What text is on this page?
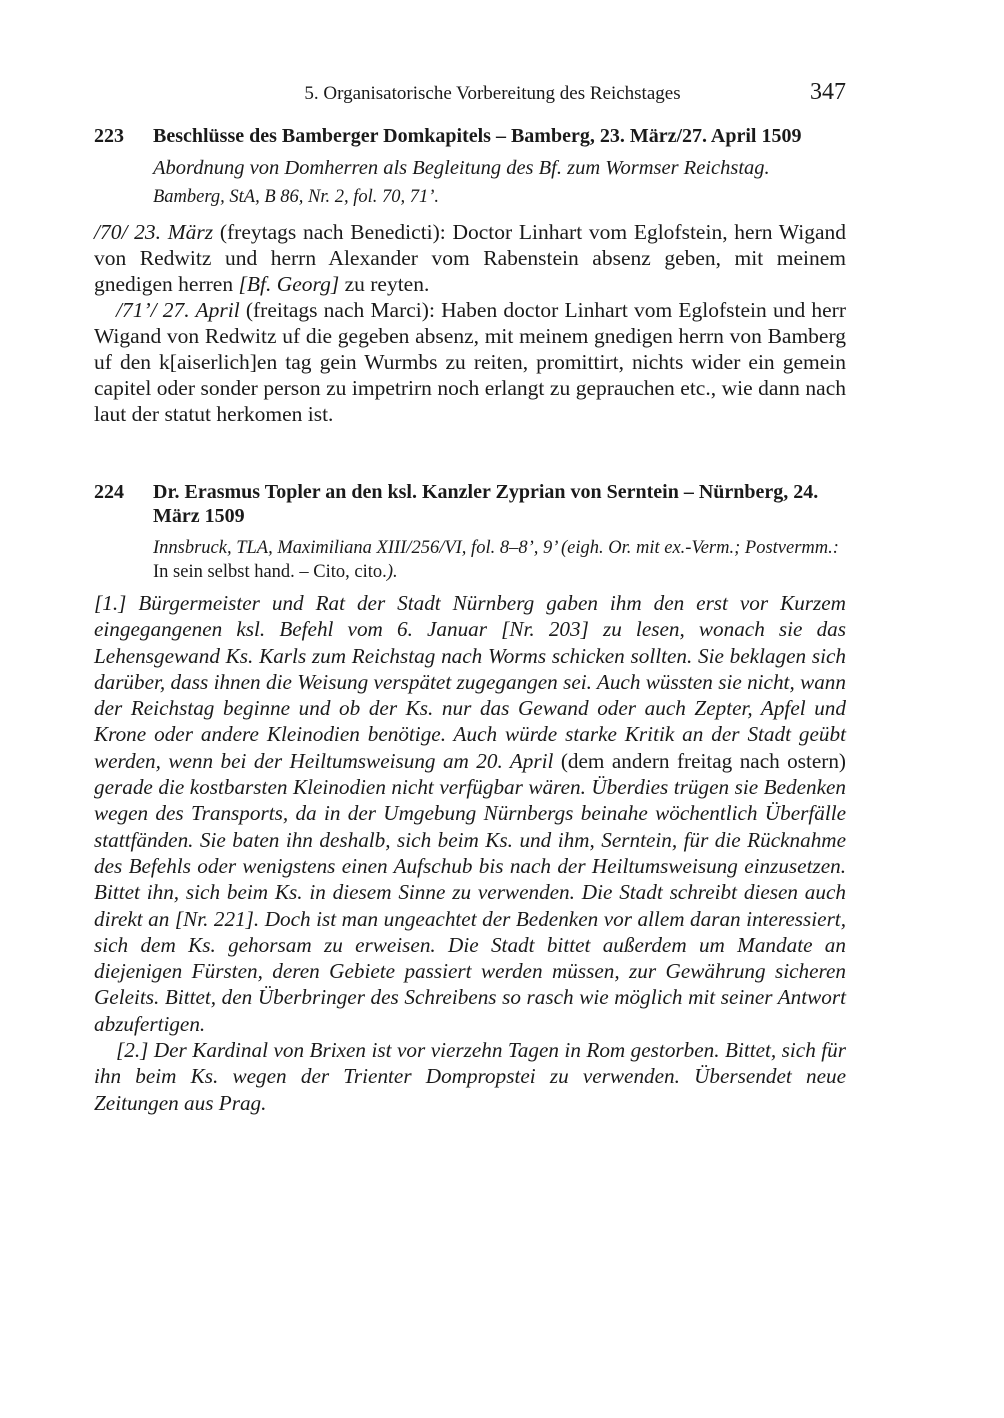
5. Organisatorische Vorbereitung des Reichstages	347
223	Beschlüsse des Bamberger Domkapitels – Bamberg, 23. März/27. April 1509
Abordnung von Domherren als Begleitung des Bf. zum Wormser Reichstag.
Bamberg, StA, B 86, Nr. 2, fol. 70, 71’.

/70/ 23. März (freytags nach Benedicti): Doctor Linhart vom Eglofstein, hern Wigand von Redwitz und herrn Alexander vom Rabenstein absenz geben, mit meinem gnedigen herren [Bf. Georg] zu reyten.

/71’/ 27. April (freitags nach Marci): Haben doctor Linhart vom Eglofstein und herr Wigand von Redwitz uf die gegeben absenz, mit meinem gnedigen herrn von Bamberg uf den k[aiserlich]en tag gein Wurmbs zu reiten, promittirt, nichts wider ein gemein capitel oder sonder person zu impetrirn noch erlangt zu geprauchen etc., wie dann nach laut der statut herkomen ist.

224	Dr. Erasmus Topler an den ksl. Kanzler Zyprian von Serntein – Nürnberg, 24. März 1509
Innsbruck, TLA, Maximiliana XIII/256/VI, fol. 8–8’, 9’ (eigh. Or. mit ex.-Verm.; Postvermm.: In sein selbst hand. – Cito, cito.).

[1.] Bürgermeister und Rat der Stadt Nürnberg gaben ihm den erst vor Kurzem eingegangenen ksl. Befehl vom 6. Januar [Nr. 203] zu lesen, wonach sie das Lehensgewand Ks. Karls zum Reichstag nach Worms schicken sollten. Sie beklagen sich darüber, dass ihnen die Weisung verspätet zugegangen sei. Auch wüssten sie nicht, wann der Reichstag beginne und ob der Ks. nur das Gewand oder auch Zepter, Apfel und Krone oder andere Kleinodien benötige. Auch würde starke Kritik an der Stadt geübt werden, wenn bei der Heiltumsweisung am 20. April (dem andern freitag nach ostern) gerade die kostbarsten Kleinodien nicht verfügbar wären. Überdies trügen sie Bedenken wegen des Transports, da in der Umgebung Nürnbergs beinahe wöchentlich Überfälle stattfänden. Sie baten ihn deshalb, sich beim Ks. und ihm, Serntein, für die Rücknahme des Befehls oder wenigstens einen Aufschub bis nach der Heiltumsweisung einzusetzen. Bittet ihn, sich beim Ks. in diesem Sinne zu verwenden. Die Stadt schreibt diesen auch direkt an [Nr. 221]. Doch ist man ungeachtet der Bedenken vor allem daran interessiert, sich dem Ks. gehorsam zu erweisen. Die Stadt bittet außerdem um Mandate an diejenigen Fürsten, deren Gebiete passiert werden müssen, zur Gewährung sicheren Geleits. Bittet, den Überbringer des Schreibens so rasch wie möglich mit seiner Antwort abzufertigen.

[2.] Der Kardinal von Brixen ist vor vierzehn Tagen in Rom gestorben. Bittet, sich für ihn beim Ks. wegen der Trienter Dompropstei zu verwenden. Übersendet neue Zeitungen aus Prag.
